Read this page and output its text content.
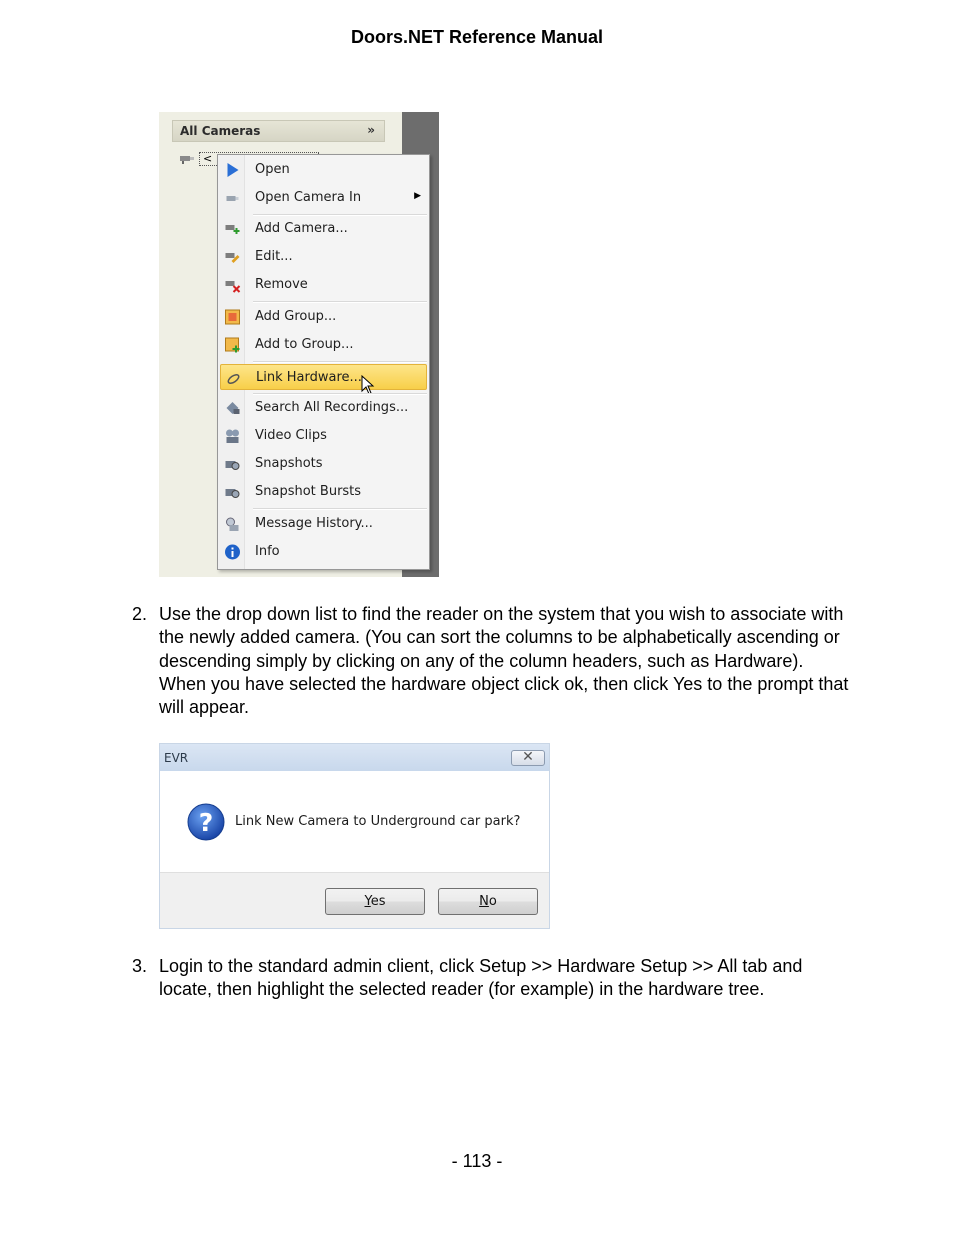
Doors.NET Reference Manual
All Cameras	»
<
Open
Open Camera In	▶
Add Camera...
Edit...
Remove
Add Group...
Add to Group...
Link Hardware...
Search All Recordings...
Video Clips
Snapshots
Snapshot Bursts
Message History...
Info
2. Use the drop down list to find the reader on the system that you wish to associate with the newly added camera. (You can sort the columns to be alphabetically ascending or descending simply by clicking on any of the column headers, such as Hardware). When you have selected the hardware object click ok, then click Yes to the prompt that will appear.
EVR	✕
? Link New Camera to Underground car park?
Yes	No
3. Login to the standard admin client, click Setup >> Hardware Setup >> All tab and locate, then highlight the selected reader (for example) in the hardware tree.
- 113 -
